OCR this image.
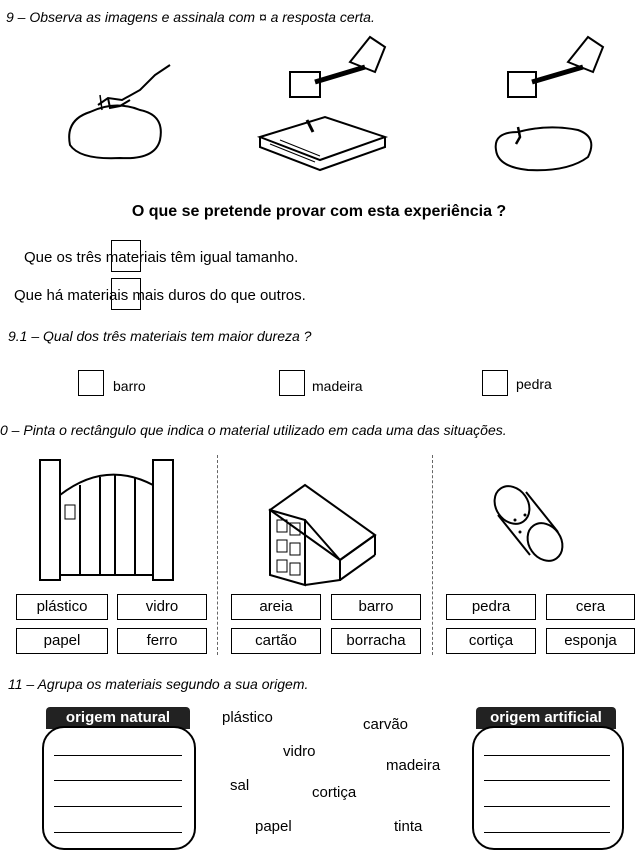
9 – Observa as imagens e assinala com ¤ a resposta certa.
O que se pretende provar com esta experiência ?
Que os três materiais têm igual tamanho.
Que há materiais mais duros do que outros.
9.1 – Qual dos três materiais tem maior dureza ?
barro	madeira	pedra
0 – Pinta o rectângulo que indica o material utilizado em cada uma das situações.
plástico	vidro	areia	barro	pedra	cera
papel	ferro	cartão	borracha	cortiça	esponja
11 – Agrupa os materiais segundo a sua origem.
origem natural	origem artificial
plástico	carvão
vidro
madeira
sal	cortiça
papel	tinta
